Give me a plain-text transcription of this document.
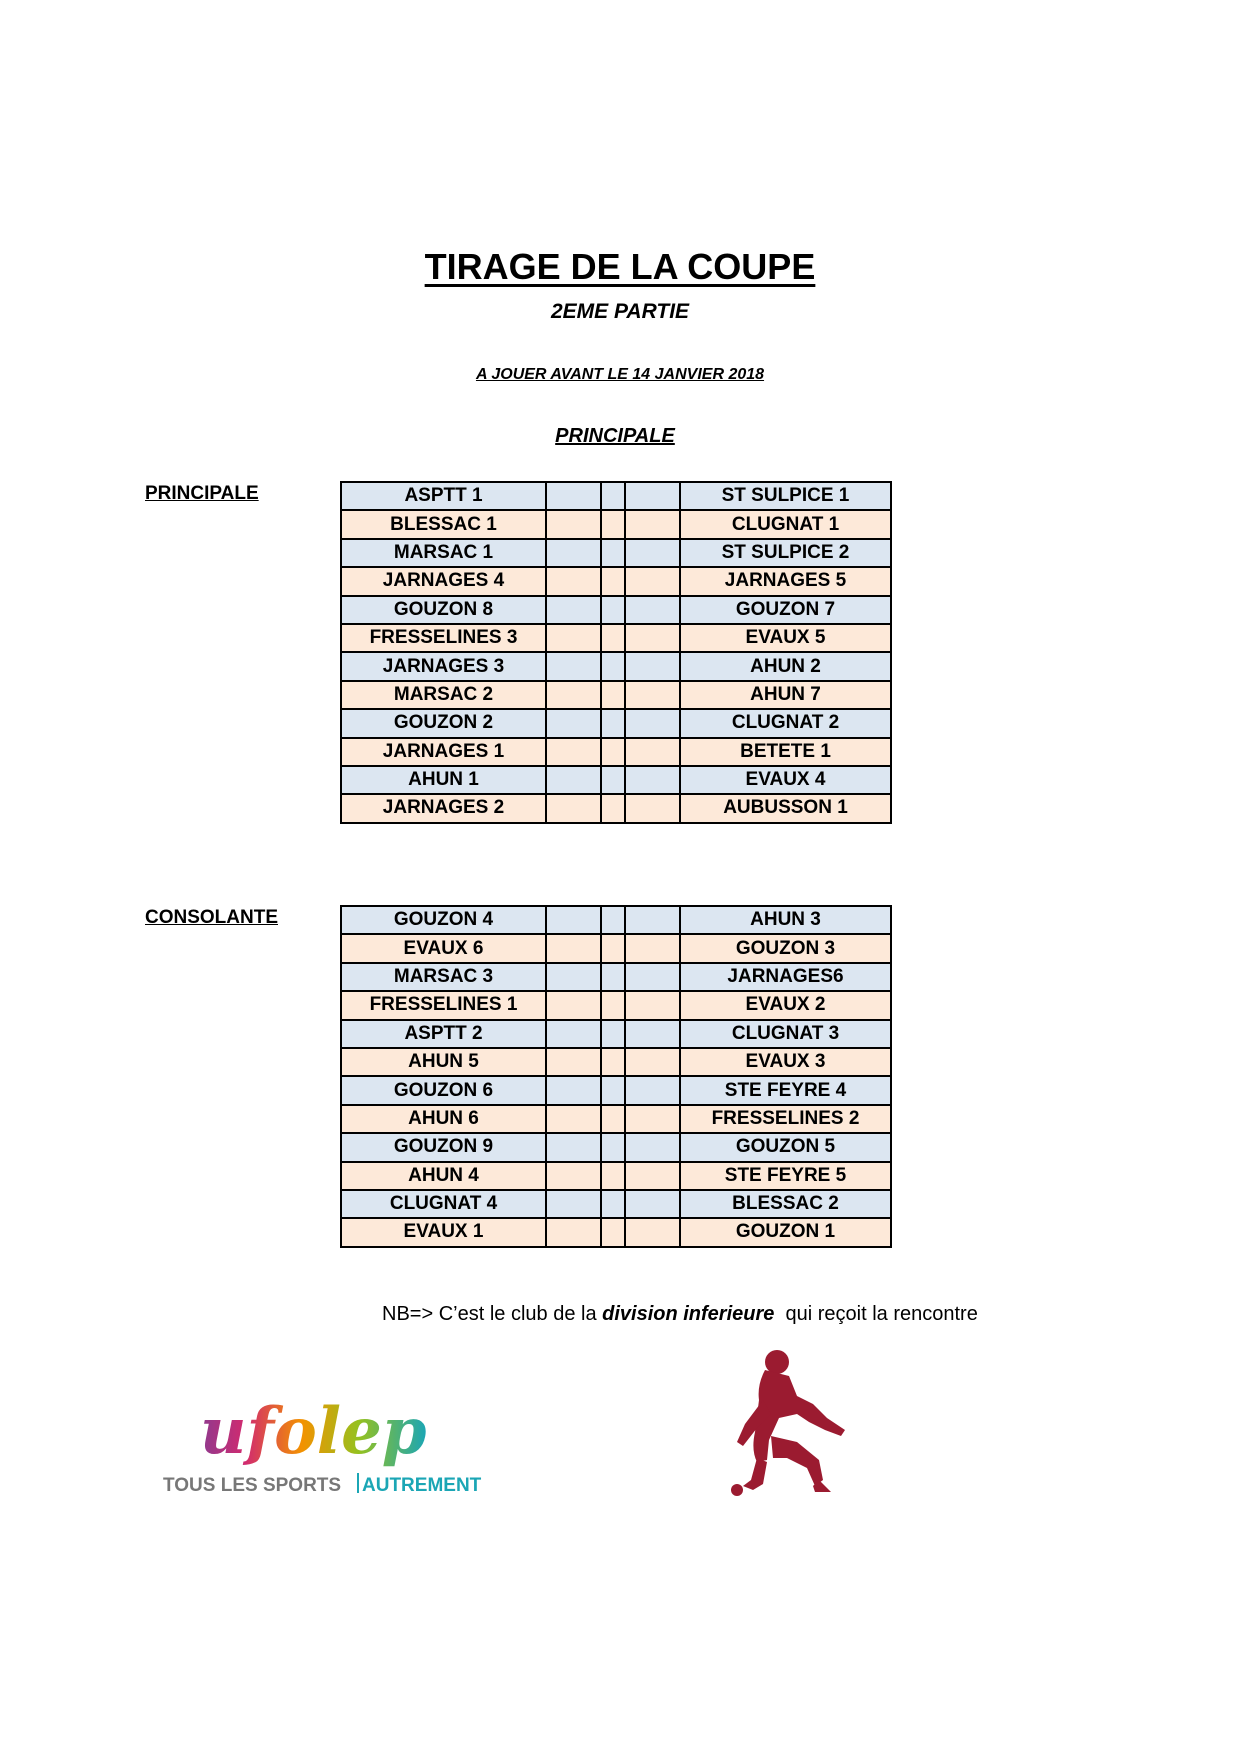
TIRAGE DE LA COUPE
2EME PARTIE
A JOUER AVANT LE 14 JANVIER 2018
PRINCIPALE
PRINCIPALE	ASPTT 1				ST SULPICE 1
BLESSAC 1				CLUGNAT 1
MARSAC 1				ST SULPICE 2
JARNAGES 4				JARNAGES 5
GOUZON 8				GOUZON 7
FRESSELINES 3				EVAUX 5
JARNAGES 3				AHUN 2
MARSAC 2				AHUN 7
GOUZON 2				CLUGNAT 2
JARNAGES 1				BETETE 1
AHUN 1				EVAUX 4
JARNAGES 2				AUBUSSON 1
CONSOLANTE	GOUZON 4				AHUN 3
EVAUX 6				GOUZON 3
MARSAC 3				JARNAGES6
FRESSELINES 1				EVAUX 2
ASPTT 2				CLUGNAT 3
AHUN 5				EVAUX 3
GOUZON 6				STE FEYRE 4
AHUN 6				FRESSELINES 2
GOUZON 9				GOUZON 5
AHUN 4				STE FEYRE 5
CLUGNAT 4				BLESSAC 2
EVAUX 1				GOUZON 1
NB=> C’est le club de la division inferieure  qui reçoit la rencontre
ufolep
TOUS LES SPORTS AUTREMENT
